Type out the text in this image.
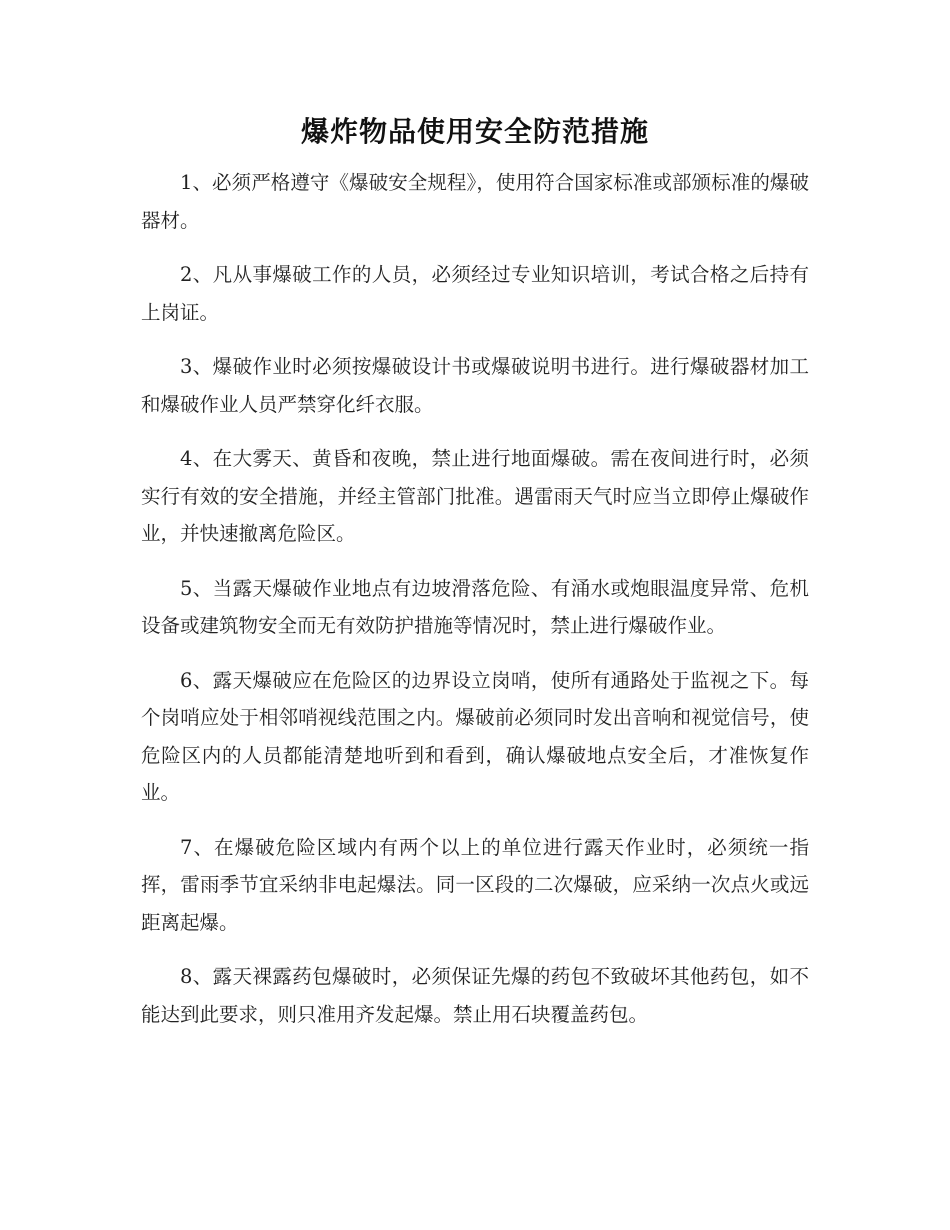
爆炸物品使用安全防范措施

1、必须严格遵守《爆破安全规程》，使用符合国家标准或部颁标准的爆破器材。

2、凡从事爆破工作的人员，必须经过专业知识培训，考试合格之后持有上岗证。

3、爆破作业时必须按爆破设计书或爆破说明书进行。进行爆破器材加工和爆破作业人员严禁穿化纤衣服。

4、在大雾天、黄昏和夜晚，禁止进行地面爆破。需在夜间进行时，必须实行有效的安全措施，并经主管部门批准。遇雷雨天气时应当立即停止爆破作业，并快速撤离危险区。

5、当露天爆破作业地点有边坡滑落危险、有涌水或炮眼温度异常、危机设备或建筑物安全而无有效防护措施等情况时，禁止进行爆破作业。

6、露天爆破应在危险区的边界设立岗哨，使所有通路处于监视之下。每个岗哨应处于相邻哨视线范围之内。爆破前必须同时发出音响和视觉信号，使危险区内的人员都能清楚地听到和看到，确认爆破地点安全后，才准恢复作业。

7、在爆破危险区域内有两个以上的单位进行露天作业时，必须统一指挥，雷雨季节宜采纳非电起爆法。同一区段的二次爆破，应采纳一次点火或远距离起爆。

8、露天裸露药包爆破时，必须保证先爆的药包不致破坏其他药包，如不能达到此要求，则只准用齐发起爆。禁止用石块覆盖药包。
